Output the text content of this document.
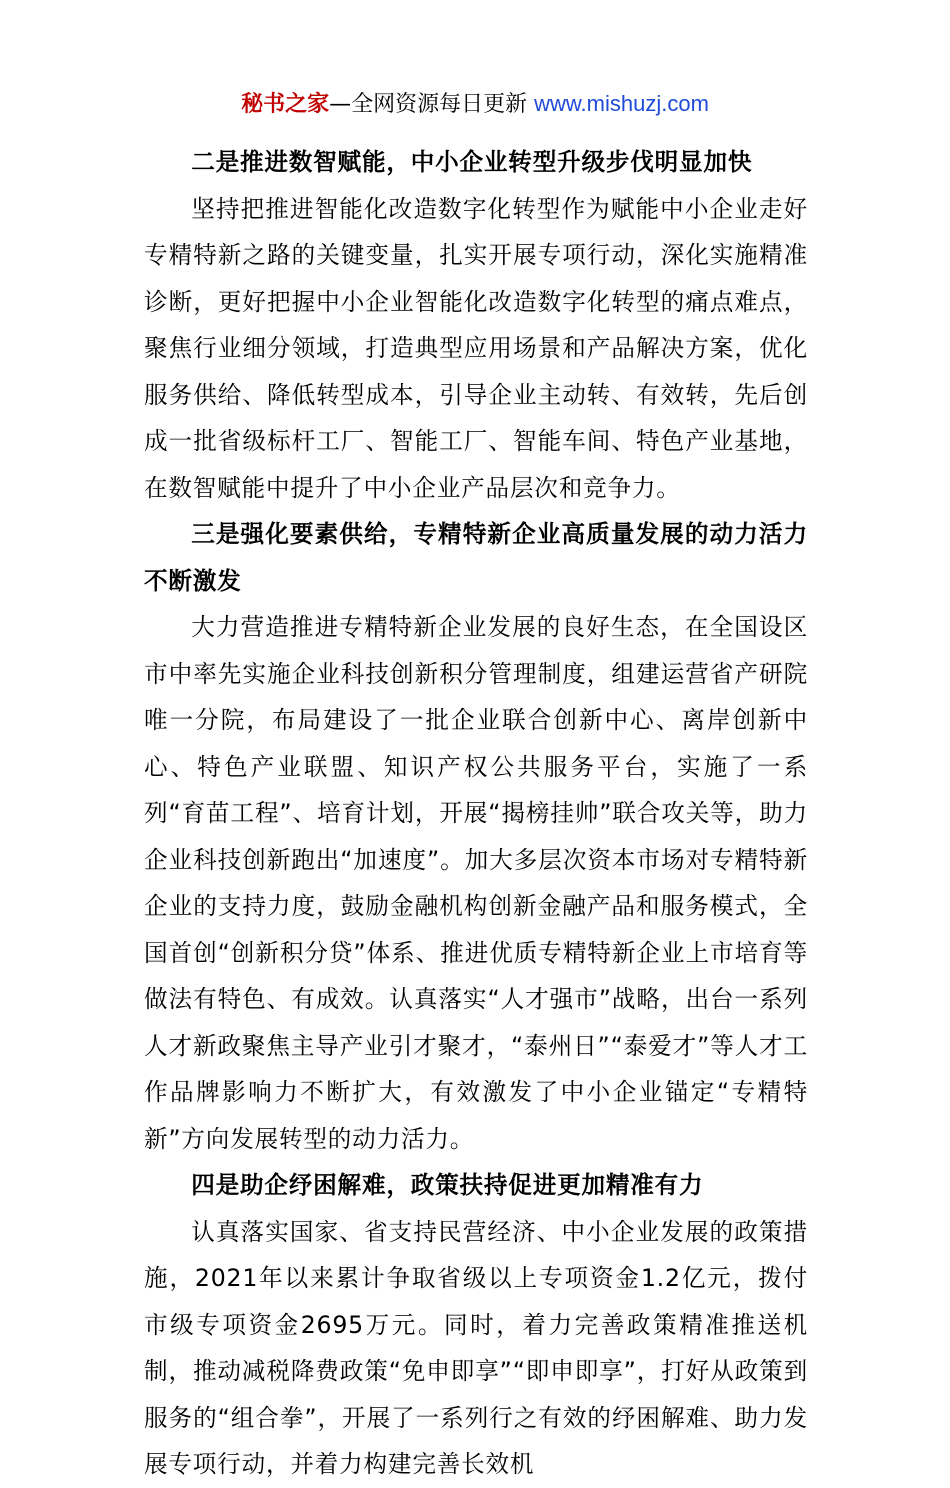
秘书之家—全网资源每日更新 www.mishuzj.com

二是推进数智赋能，中小企业转型升级步伐明显加快

坚持把推进智能化改造数字化转型作为赋能中小企业走好专精特新之路的关键变量，扎实开展专项行动，深化实施精准诊断，更好把握中小企业智能化改造数字化转型的痛点难点，聚焦行业细分领域，打造典型应用场景和产品解决方案，优化服务供给、降低转型成本，引导企业主动转、有效转，先后创成一批省级标杆工厂、智能工厂、智能车间、特色产业基地，在数智赋能中提升了中小企业产品层次和竞争力。

三是强化要素供给，专精特新企业高质量发展的动力活力不断激发

大力营造推进专精特新企业发展的良好生态，在全国设区市中率先实施企业科技创新积分管理制度，组建运营省产研院唯一分院，布局建设了一批企业联合创新中心、离岸创新中心、特色产业联盟、知识产权公共服务平台，实施了一系列“育苗工程”、培育计划，开展“揭榜挂帅”联合攻关等，助力企业科技创新跑出“加速度”。加大多层次资本市场对专精特新企业的支持力度，鼓励金融机构创新金融产品和服务模式，全国首创“创新积分贷”体系、推进优质专精特新企业上市培育等做法有特色、有成效。认真落实“人才强市”战略，出台一系列人才新政聚焦主导产业引才聚才，“泰州日”“泰爱才”等人才工作品牌影响力不断扩大，有效激发了中小企业锚定“专精特新”方向发展转型的动力活力。

四是助企纾困解难，政策扶持促进更加精准有力

认真落实国家、省支持民营经济、中小企业发展的政策措施，2021年以来累计争取省级以上专项资金1.2亿元，拨付市级专项资金2695万元。同时，着力完善政策精准推送机制，推动减税降费政策“免申即享”“即申即享”，打好从政策到服务的“组合拳”，开展了一系列行之有效的纾困解难、助力发展专项行动，并着力构建完善长效机
